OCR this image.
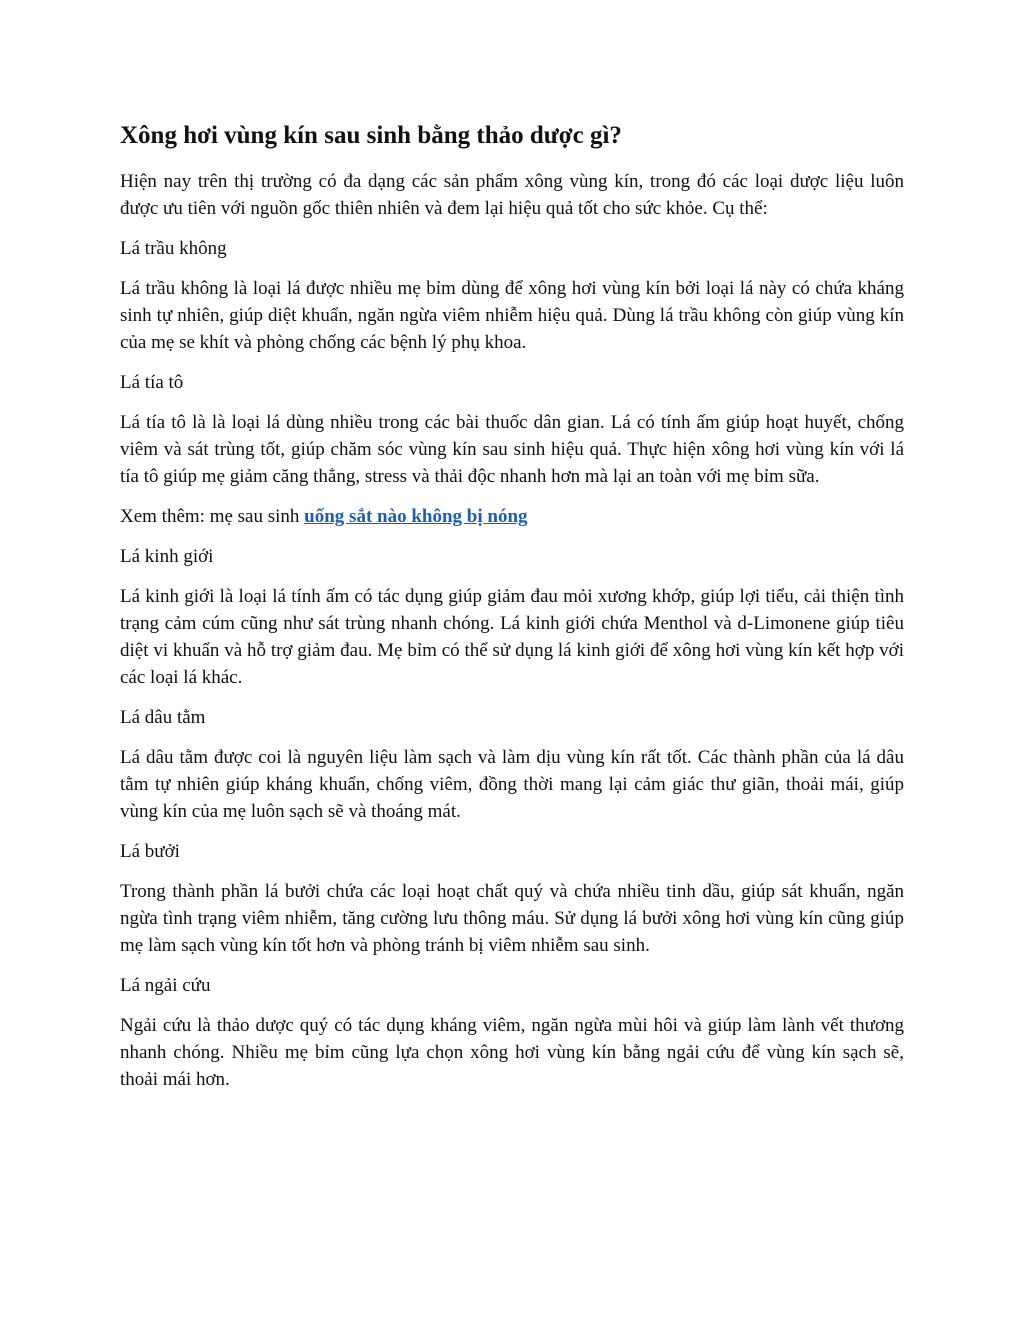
Xông hơi vùng kín sau sinh bằng thảo dược gì?

Hiện nay trên thị trường có đa dạng các sản phẩm xông vùng kín, trong đó các loại dược liệu luôn được ưu tiên với nguồn gốc thiên nhiên và đem lại hiệu quả tốt cho sức khỏe. Cụ thể:

Lá trầu không

Lá trầu không là loại lá được nhiều mẹ bỉm dùng để xông hơi vùng kín bởi loại lá này có chứa kháng sinh tự nhiên, giúp diệt khuẩn, ngăn ngừa viêm nhiễm hiệu quả. Dùng lá trầu không còn giúp vùng kín của mẹ se khít và phòng chống các bệnh lý phụ khoa.

Lá tía tô

Lá tía tô là là loại lá dùng nhiều trong các bài thuốc dân gian. Lá có tính ấm giúp hoạt huyết, chống viêm và sát trùng tốt, giúp chăm sóc vùng kín sau sinh hiệu quả. Thực hiện xông hơi vùng kín với lá tía tô giúp mẹ giảm căng thẳng, stress và thải độc nhanh hơn mà lại an toàn với mẹ bỉm sữa.

Xem thêm: mẹ sau sinh uống sắt nào không bị nóng

Lá kinh giới

Lá kinh giới là loại lá tính ấm có tác dụng giúp giảm đau mỏi xương khớp, giúp lợi tiểu, cải thiện tình trạng cảm cúm cũng như sát trùng nhanh chóng. Lá kinh giới chứa Menthol và d-Limonene giúp tiêu diệt vi khuẩn và hỗ trợ giảm đau. Mẹ bỉm có thể sử dụng lá kinh giới để xông hơi vùng kín kết hợp với các loại lá khác.

Lá dâu tằm

Lá dâu tằm được coi là nguyên liệu làm sạch và làm dịu vùng kín rất tốt. Các thành phần của lá dâu tằm tự nhiên giúp kháng khuẩn, chống viêm, đồng thời mang lại cảm giác thư giãn, thoải mái, giúp vùng kín của mẹ luôn sạch sẽ và thoáng mát.

Lá bưởi

Trong thành phần lá bưởi chứa các loại hoạt chất quý và chứa nhiều tinh dầu, giúp sát khuẩn, ngăn ngừa tình trạng viêm nhiễm, tăng cường lưu thông máu. Sử dụng lá bưởi xông hơi vùng kín cũng giúp mẹ làm sạch vùng kín tốt hơn và phòng tránh bị viêm nhiễm sau sinh.

Lá ngải cứu

Ngải cứu là thảo dược quý có tác dụng kháng viêm, ngăn ngừa mùi hôi và giúp làm lành vết thương nhanh chóng. Nhiều mẹ bỉm cũng lựa chọn xông hơi vùng kín bằng ngải cứu để vùng kín sạch sẽ, thoải mái hơn.
